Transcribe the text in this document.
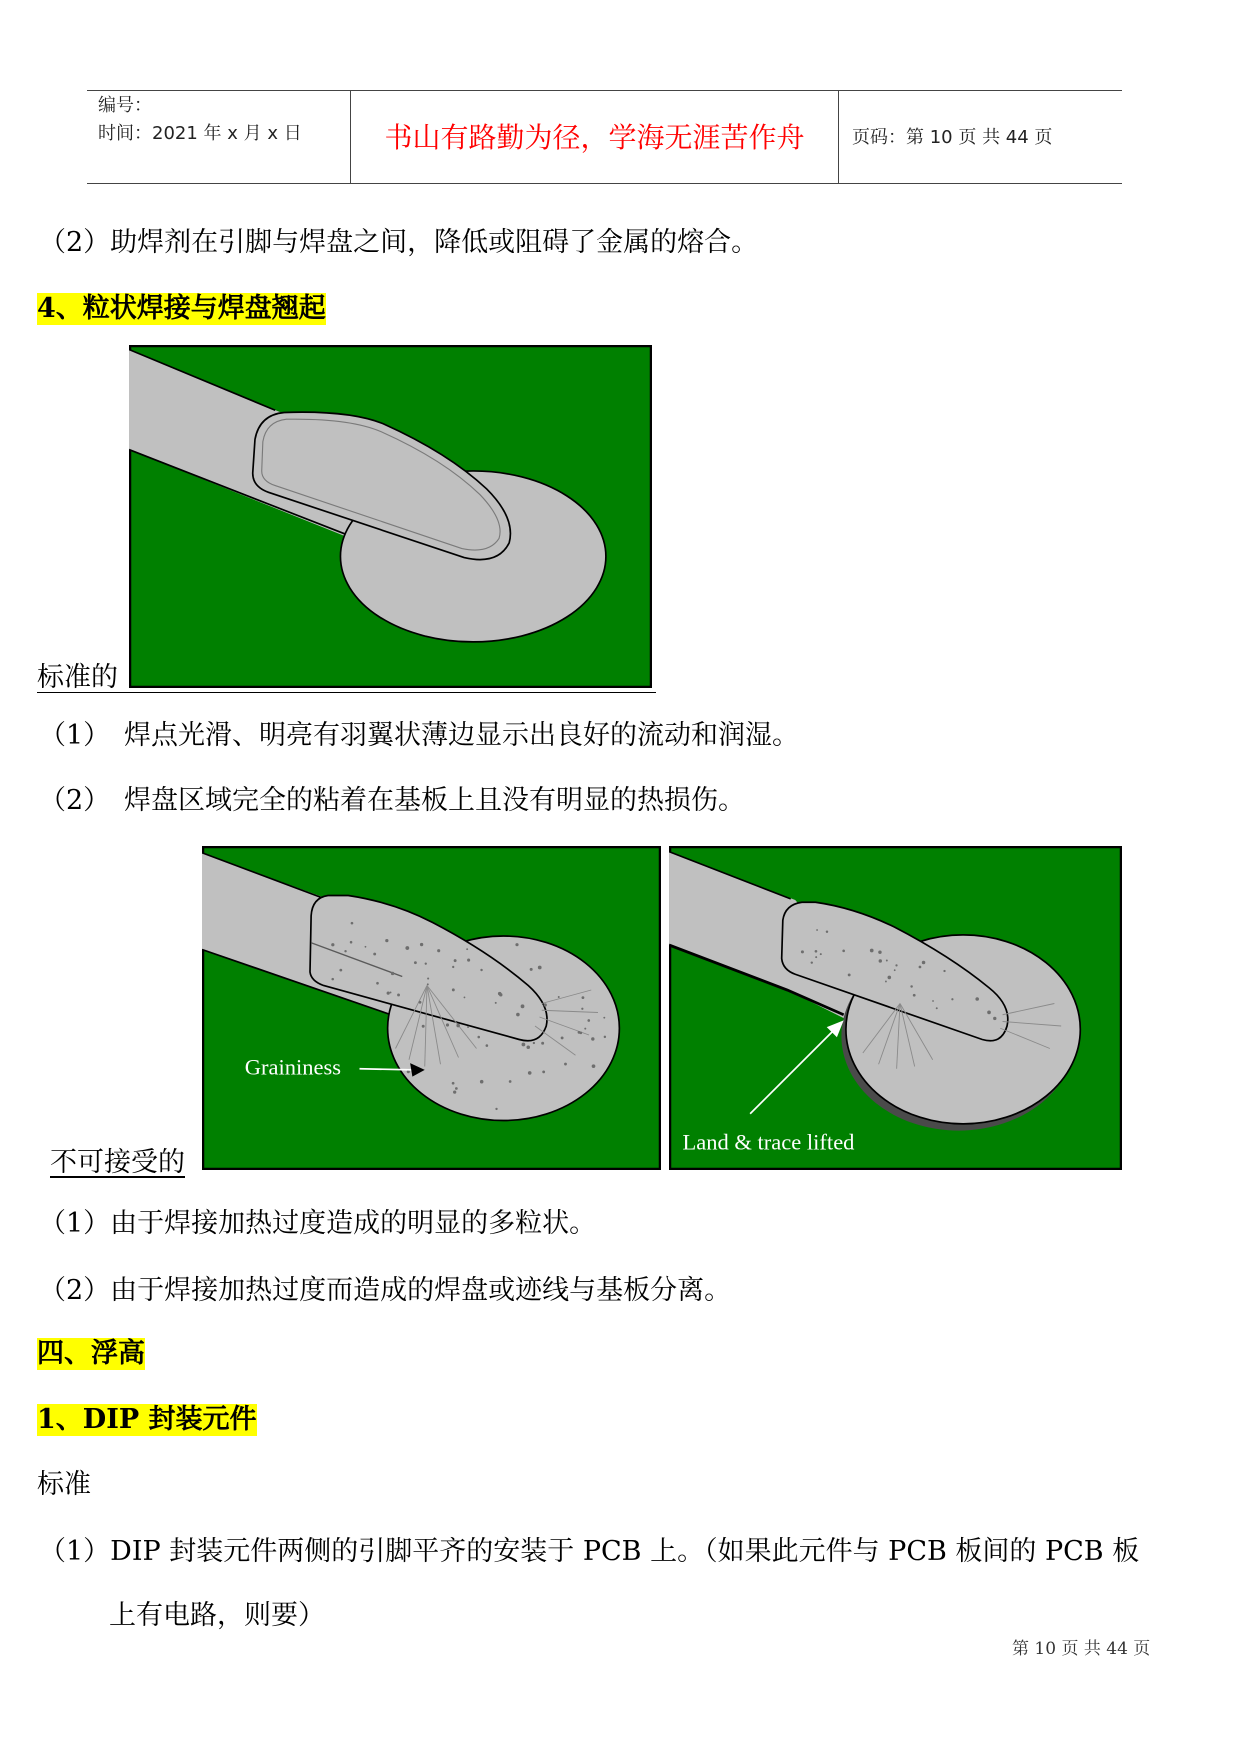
编号：
时间：2021 年 x 月 x 日	书山有路勤为径，学海无涯苦作舟	页码：第 10 页 共 44 页
（2）助焊剂在引脚与焊盘之间，降低或阻碍了金属的熔合。
4、粒状焊接与焊盘翘起
标准的
（1） 焊点光滑、明亮有羽翼状薄边显示出良好的流动和润湿。
（2） 焊盘区域完全的粘着在基板上且没有明显的热损伤。
Graininess
Land & trace lifted
不可接受的
（1）由于焊接加热过度造成的明显的多粒状。
（2）由于焊接加热过度而造成的焊盘或迹线与基板分离。
四、浮高
1、DIP 封装元件
标准
（1）DIP 封装元件两侧的引脚平齐的安装于 PCB 上。（如果此元件与 PCB 板间的 PCB 板
上有电路，则要）
第 10 页 共 44 页
